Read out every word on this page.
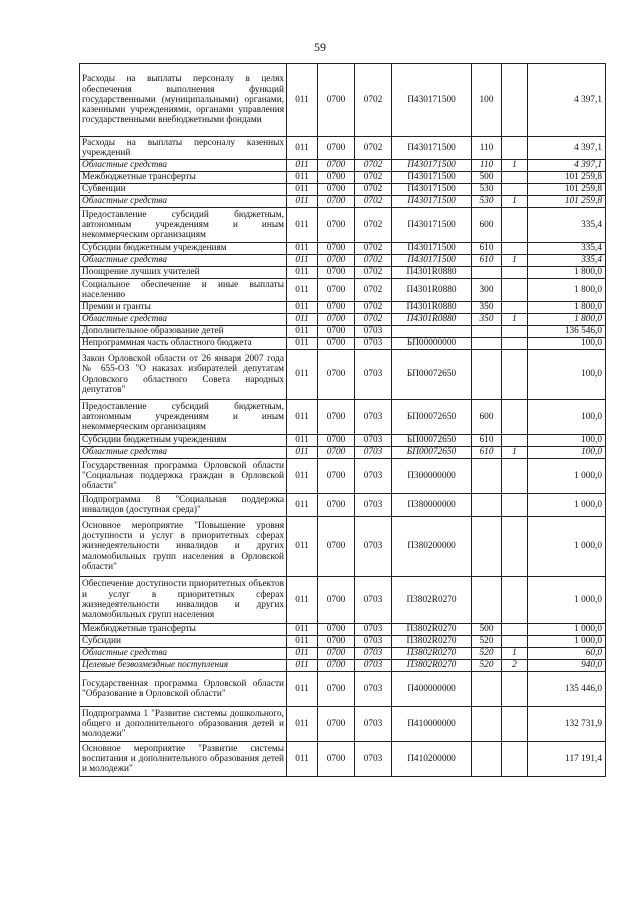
59
Расходы на выплаты персоналу в целях обеспечения выполнения функций государственными (муниципальными) органами, казенными учреждениями, органами управления государственными внебюджетными фондами	011	0700	0702	П430171500	100		4 397,1
Расходы на выплаты персоналу казенных учреждений	011	0700	0702	П430171500	110		4 397,1
Областные средства	011	0700	0702	П430171500	110	1	4 397,1
Межбюджетные трансферты	011	0700	0702	П430171500	500		101 259,8
Субвенции	011	0700	0702	П430171500	530		101 259,8
Областные средства	011	0700	0702	П430171500	530	1	101 259,8
Предоставление субсидий бюджетным, автономным учреждениям и иным некоммерческим организациям	011	0700	0702	П430171500	600		335,4
Субсидии бюджетным учреждениям	011	0700	0702	П430171500	610		335,4
Областные средства	011	0700	0702	П430171500	610	1	335,4
Поощрение лучших учителей	011	0700	0702	П4301R0880			1 800,0
Социальное обеспечение и иные выплаты населению	011	0700	0702	П4301R0880	300		1 800,0
Премии и гранты	011	0700	0702	П4301R0880	350		1 800,0
Областные средства	011	0700	0702	П4301R0880	350	1	1 800,0
Дополнительное образование детей	011	0700	0703				136 546,0
Непрограммная часть областного бюджета	011	0700	0703	БП00000000			100,0
Закон Орловской области от 26 января 2007 года № 655-ОЗ "О наказах избирателей депутатам Орловского областного Совета народных депутатов"	011	0700	0703	БП00072650			100,0
Предоставление субсидий бюджетным, автономным учреждениям и иным некоммерческим организациям	011	0700	0703	БП00072650	600		100,0
Субсидии бюджетным учреждениям	011	0700	0703	БП00072650	610		100,0
Областные средства	011	0700	0703	БП00072650	610	1	100,0
Государственная программа Орловской области "Социальная поддержка граждан в Орловской области"	011	0700	0703	П300000000			1 000,0
Подпрограмма 8 "Социальная поддержка инвалидов (доступная среда)"	011	0700	0703	П380000000			1 000,0
Основное мероприятие "Повышение уровня доступности и услуг в приоритетных сферах жизнедеятельности инвалидов и других маломобильных групп населения в Орловской области"	011	0700	0703	П380200000			1 000,0
Обеспечение доступности приоритетных объектов и услуг в приоритетных сферах жизнедеятельности инвалидов и других маломобильных групп населения	011	0700	0703	П3802R0270			1 000,0
Межбюджетные трансферты	011	0700	0703	П3802R0270	500		1 000,0
Субсидии	011	0700	0703	П3802R0270	520		1 000,0
Областные средства	011	0700	0703	П3802R0270	520	1	60,0
Целевые безвозмездные поступления	011	0700	0703	П3802R0270	520	2	940,0
Государственная программа Орловской области "Образование в Орловской области"	011	0700	0703	П400000000			135 446,0
Подпрограмма 1 "Развитие системы дошкольного, общего и дополнительного образования детей и молодежи"	011	0700	0703	П410000000			132 731,9
Основное мероприятие "Развитие системы воспитания и дополнительного образования детей и молодежи"	011	0700	0703	П410200000			117 191,4
